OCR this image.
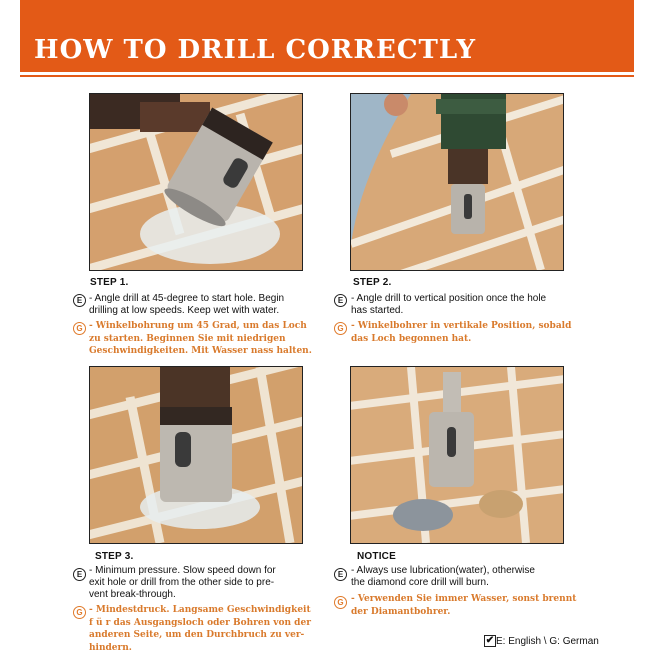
HOW TO DRILL CORRECTLY
STEP 1.
E - Angle drill at 45-degree to start hole. Begin
drilling at low speeds. Keep wet with water.
G - Winkelbohrung um 45 Grad, um das Loch
zu starten. Beginnen Sie mit niedrigen
Geschwindigkeiten. Mit Wasser nass halten.
STEP 2.
E - Angle drill to vertical position once the hole
has started.
G - Winkelbohrer in vertikale Position, sobald
das Loch begonnen hat.
STEP 3.
E - Minimum pressure. Slow speed down for
exit hole or drill from the other side to pre-
vent break-through.
G - Mindestdruck. Langsame Geschwindigkeit
f ü r das Ausgangsloch oder Bohren von der
anderen Seite, um den Durchbruch zu ver-
hindern.
NOTICE
E - Always use lubrication(water), otherwise
the diamond core drill will burn.
G - Verwenden Sie immer Wasser, sonst brennt
der Diamantbohrer.
✔ E: English \ G: German
